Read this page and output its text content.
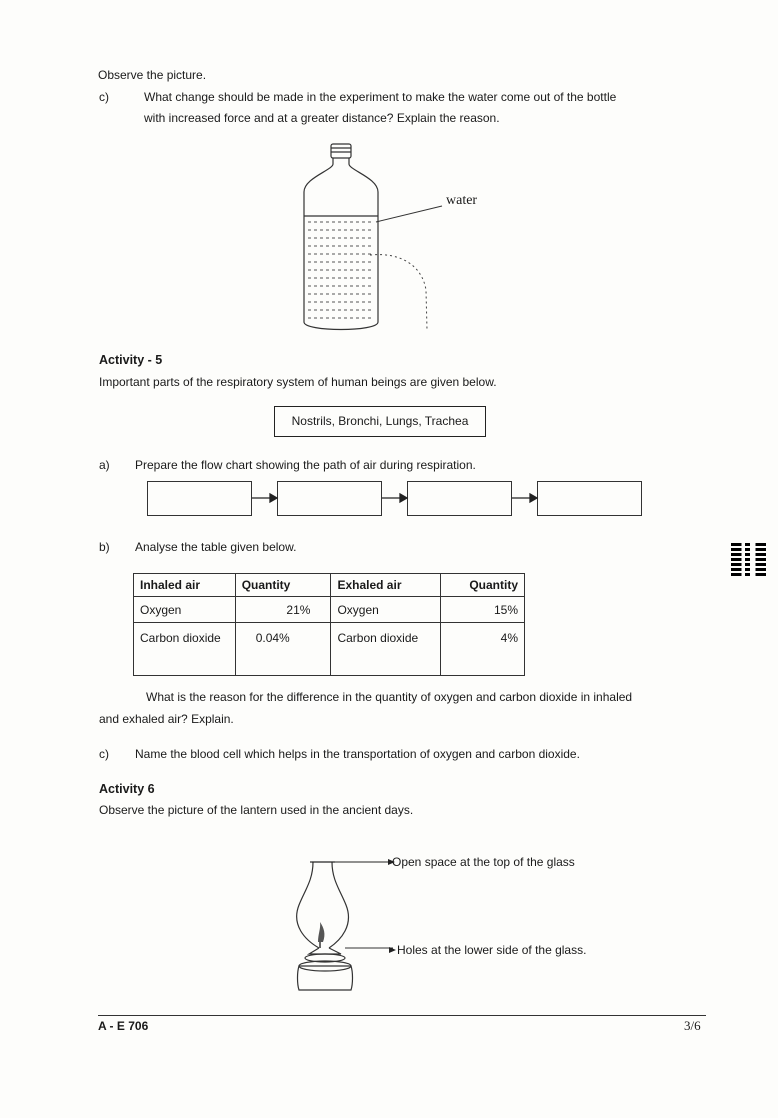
Observe the picture.
c)	What change should be made in the experiment to make the water come out of the bottle
with increased force and at a greater distance? Explain the reason.
water
Activity - 5
Important parts of the respiratory system of human beings are given below.
Nostrils, Bronchi, Lungs, Trachea
a) Prepare the flow chart showing the path of air during respiration.
b) Analyse the table given below.
Inhaled air	Quantity	Exhaled air	Quantity
Oxygen	21%	Oxygen	15%
Carbon dioxide	0.04%	Carbon dioxide	4%
What is the reason for the difference in the quantity of oxygen and carbon dioxide in inhaled
and exhaled air? Explain.
c) Name the blood cell which helps in the transportation of oxygen and carbon dioxide.
Activity 6
Observe the picture of the lantern used in the ancient days.
Open space at the top of the glass
Holes at the lower side of the glass.
A - E 706	3/6
